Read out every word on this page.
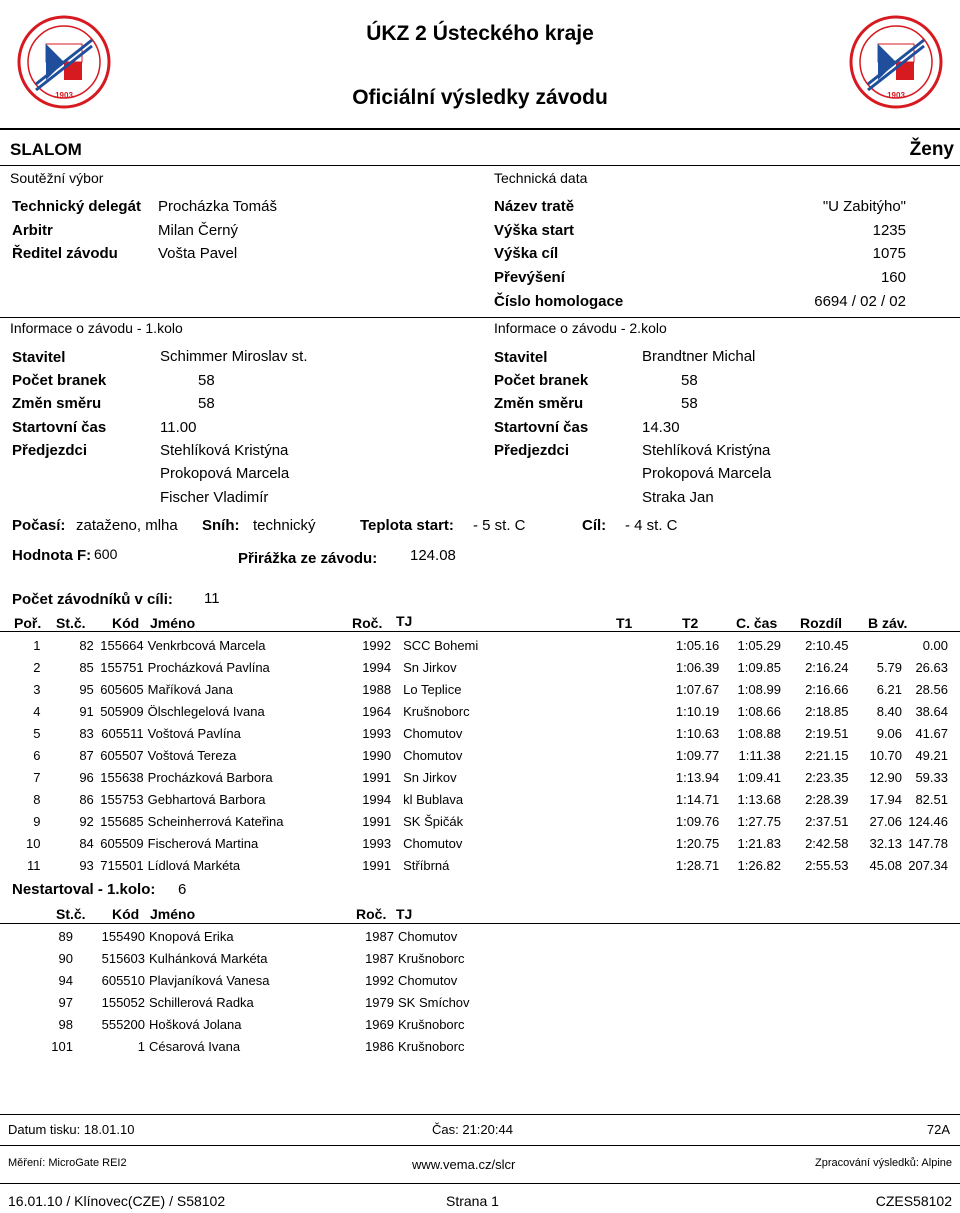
1903	1903
ÚKZ 2 Ústeckého kraje
Oficiální výsledky závodu
SLALOM	Ženy
Soutěžní výbor
Technický delegát Procházka Tomáš
Arbitr	Milan Černý
Ředitel závodu	Vošta Pavel
Technická data
Název tratě	"U Zabitýho"
Výška start	1235
Výška cíl	1075
Převýšení	160
Číslo homologace	6694 / 02 / 02
Informace o závodu - 1.kolo
Stavitel	Schimmer Miroslav st.
Počet branek	58
Změn směru	58
Startovní čas	11.00
Předjezdci	Stehlíková Kristýna
Prokopová Marcela
Fischer Vladimír
Informace o závodu - 2.kolo
Stavitel	Brandtner Michal
Počet branek	58
Změn směru	58
Startovní čas	14.30
Předjezdci	Stehlíková Kristýna
Prokopová Marcela
Straka Jan
Počasí: zataženo, mlha Sníh: technický	Teplota start: - 5 st. C	Cíl: - 4 st. C
Hodnota F: 600	Přirážka ze závodu: 124.08
Počet závodníků v cíli: 11
Poř. St.č. Kód Jméno	Roč. TJ	T1	T2	C. čas Rozdíl B záv.
1	82	155664	Venkrbcová Marcela	1992	SCC Bohemi		1:05.16	1:05.29	2:10.45		0.00
2	85	155751	Procházková Pavlína	1994	Sn Jirkov		1:06.39	1:09.85	2:16.24	5.79	26.63
3	95	605605	Maříková Jana	1988	Lo Teplice		1:07.67	1:08.99	2:16.66	6.21	28.56
4	91	505909	Ölschlegelová Ivana	1964	Krušnoborc		1:10.19	1:08.66	2:18.85	8.40	38.64
5	83	605511	Voštová Pavlína	1993	Chomutov		1:10.63	1:08.88	2:19.51	9.06	41.67
6	87	605507	Voštová Tereza	1990	Chomutov		1:09.77	1:11.38	2:21.15	10.70	49.21
7	96	155638	Procházková Barbora	1991	Sn Jirkov		1:13.94	1:09.41	2:23.35	12.90	59.33
8	86	155753	Gebhartová Barbora	1994	kl Bublava		1:14.71	1:13.68	2:28.39	17.94	82.51
9	92	155685	Scheinherrová Kateřina	1991	SK Špičák		1:09.76	1:27.75	2:37.51	27.06	124.46
10	84	605509	Fischerová Martina	1993	Chomutov		1:20.75	1:21.83	2:42.58	32.13	147.78
11	93	715501	Lídlová Markéta	1991	Stříbrná		1:28.71	1:26.82	2:55.53	45.08	207.34
Nestartoval - 1.kolo: 6
St.č. Kód Jméno	Roč. TJ
	89	155490	Knopová Erika	1987	Chomutov
	90	515603	Kulhánková Markéta	1987	Krušnoborc
	94	605510	Plavjaníková Vanesa	1992	Chomutov
	97	155052	Schillerová Radka	1979	SK Smíchov
	98	555200	Hošková Jolana	1969	Krušnoborc
	101	1	Césarová Ivana	1986	Krušnoborc
Datum tisku: 18.01.10	Čas: 21:20:44	72A
Měření: MicroGate REI2	www.vema.cz/slcr	Zpracování výsledků: Alpine
16.01.10 / Klínovec(CZE) / S58102	Strana 1	CZES58102
